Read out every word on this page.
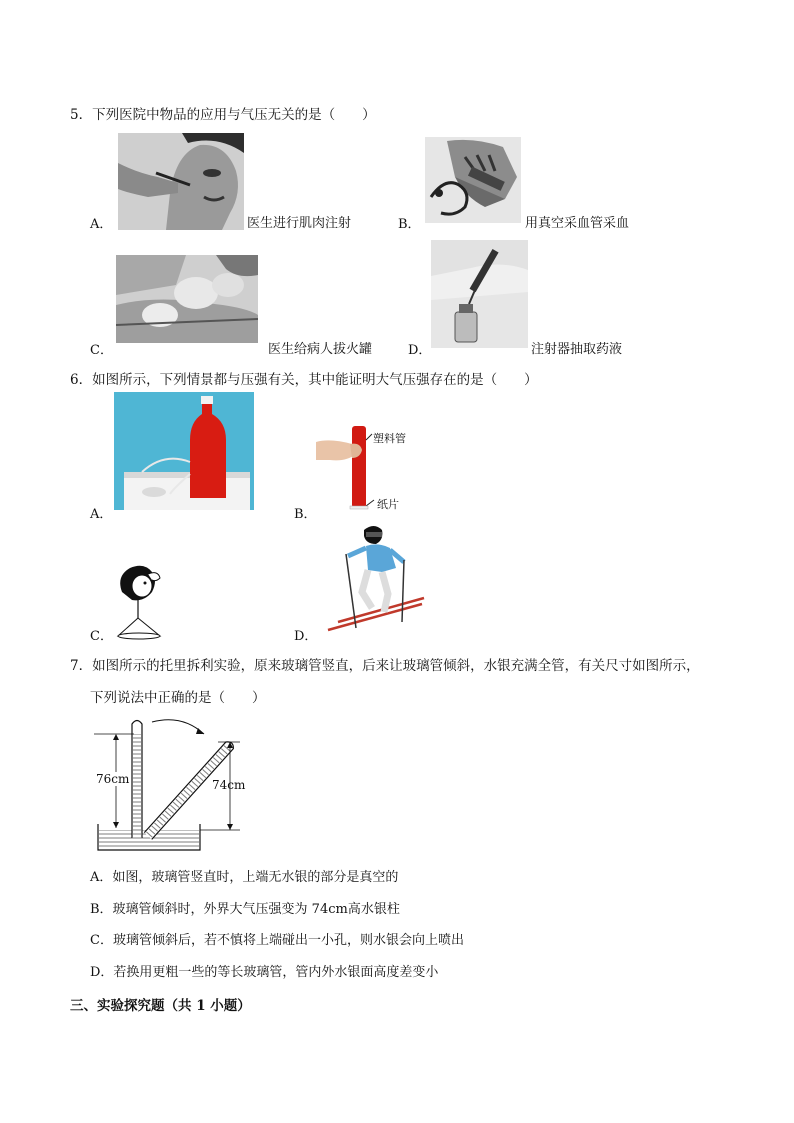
5．下列医院中物品的应用与气压无关的是（　　）
A．	医生进行肌肉注射	B．	用真空采血管采血
C．	医生给病人拔火罐	D．	注射器抽取药液
6．如图所示，下列情景都与压强有关，其中能证明大气压强存在的是（　　）
A．
塑料管
纸片
B．
C．	D．
7．如图所示的托里拆利实验，原来玻璃管竖直，后来让玻璃管倾斜，水银充满全管，有关尺寸如图所示，
下列说法中正确的是（　　）
76cm	74cm
A．如图，玻璃管竖直时，上端无水银的部分是真空的
B．玻璃管倾斜时，外界大气压强变为 74cm高水银柱
C．玻璃管倾斜后，若不慎将上端碰出一小孔，则水银会向上喷出
D．若换用更粗一些的等长玻璃管，管内外水银面高度差变小
三、实验探究题（共 1 小题）
